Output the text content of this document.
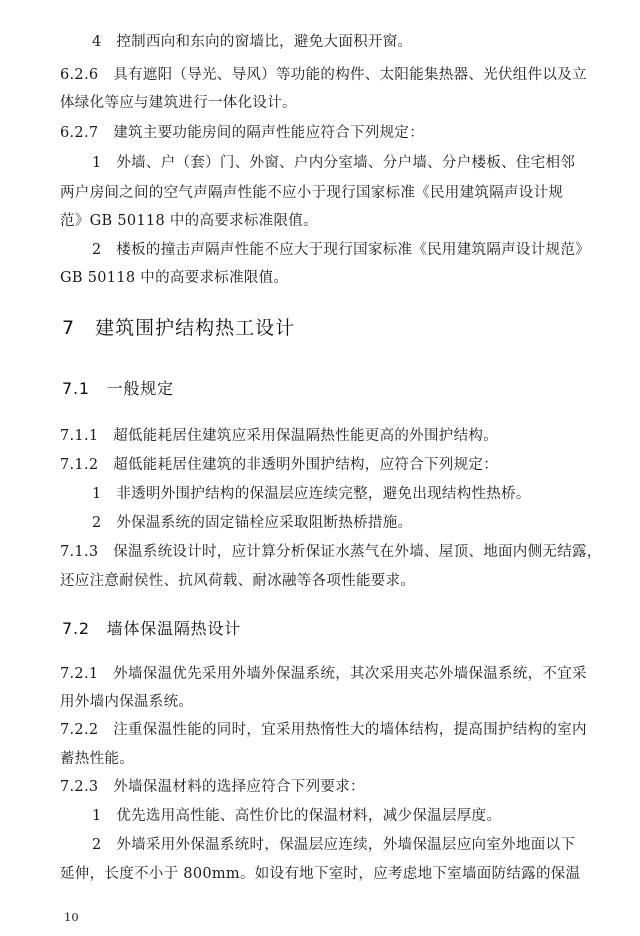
4　控制西向和东向的窗墙比，避免大面积开窗。
6.2.6　具有遮阳（导光、导风）等功能的构件、太阳能集热器、光伏组件以及立
体绿化等应与建筑进行一体化设计。
6.2.7　建筑主要功能房间的隔声性能应符合下列规定：
1　外墙、户（套）门、外窗、户内分室墙、分户墙、分户楼板、住宅相邻
两户房间之间的空气声隔声性能不应小于现行国家标准《民用建筑隔声设计规
范》GB 50118 中的高要求标准限值。
2　楼板的撞击声隔声性能不应大于现行国家标准《民用建筑隔声设计规范》
GB 50118 中的高要求标准限值。
7　建筑围护结构热工设计
7.1　一般规定
7.1.1　超低能耗居住建筑应采用保温隔热性能更高的外围护结构。
7.1.2　超低能耗居住建筑的非透明外围护结构，应符合下列规定：
1　非透明外围护结构的保温层应连续完整，避免出现结构性热桥。
2　外保温系统的固定锚栓应采取阻断热桥措施。
7.1.3　保温系统设计时，应计算分析保证水蒸气在外墙、屋顶、地面内侧无结露，
还应注意耐侯性、抗风荷载、耐冰融等各项性能要求。
7.2　墙体保温隔热设计
7.2.1　外墙保温优先采用外墙外保温系统，其次采用夹芯外墙保温系统，不宜采
用外墙内保温系统。
7.2.2　注重保温性能的同时，宜采用热惰性大的墙体结构，提高围护结构的室内
蓄热性能。
7.2.3　外墙保温材料的选择应符合下列要求：
1　优先选用高性能、高性价比的保温材料，减少保温层厚度。
2　外墙采用外保温系统时，保温层应连续，外墙保温层应向室外地面以下
延伸，长度不小于 800mm。如设有地下室时，应考虑地下室墙面防结露的保温
10
